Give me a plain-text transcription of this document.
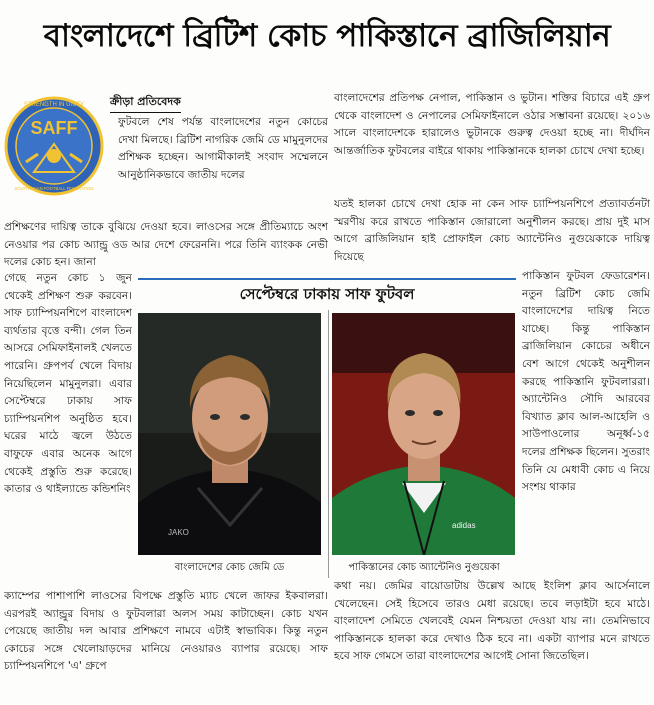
বাংলাদেশে ব্রিটিশ কোচ পাকিস্তানে ব্রাজিলিয়ান
SAFF
STRENGTH IN UNITY
SOUTH ASIAN FOOTBALL FEDERATION
ক্রীড়া প্রতিবেদক

ফুটবলে শেষ পর্যন্ত বাংলাদেশের নতুন কোচের দেখা মিলছে। ব্রিটিশ নাগরিক জেমি ডে মামুনুলদের প্রশিক্ষক হচ্ছেন। আগামীকালই সংবাদ সম্মেলনে আনুষ্ঠানিকভাবে জাতীয় দলের

প্রশিক্ষণের দায়িত্ব তাকে বুঝিয়ে দেওয়া হবে। লাওসের সঙ্গে প্রীতিম্যাচে অংশ নেওয়ার পর কোচ অ্যান্ড্রু ওড আর দেশে ফেরেননি। পরে তিনি ব্যাংকক নেভী দলের কোচ হন। জানা

গেছে নতুন কোচ ১ জুন থেকেই প্রশিক্ষণ শুরু করবেন। সাফ চ্যাম্পিয়নশিপে বাংলাদেশ ব্যর্থতার বৃত্তে বন্দী। গেল তিন আসরে সেমিফাইনালই খেলতে পারেনি। গ্রুপপর্ব খেলে বিদায় নিয়েছিলেন মামুনুলরা। এবার সেপ্টেম্বরে ঢাকায় সাফ চ্যাম্পিয়নশিপ অনুষ্ঠিত হবে। ঘরের মাঠে জ্বলে উঠতে বাফুফে এবার অনেক আগে থেকেই প্রস্তুতি শুরু করেছে। কাতার ও থাইল্যান্ডে কন্ডিশনিং

ক্যাম্পের পাশাপাশি লাওসের বিপক্ষে প্রস্তুতি ম্যাচ খেলে জাফর ইকবালরা। এরপরই অ্যান্ড্রুর বিদায় ও ফুটবলারা অলস সময় কাটাচ্ছেন। কোচ যখন পেয়েছে জাতীয় দল আবার প্রশিক্ষণে নামবে এটাই স্বাভাবিক। কিন্তু নতুন কোচের সঙ্গে খেলোয়াড়দের মানিয়ে নেওয়ারও ব্যাপার রয়েছে। সাফ চ্যাম্পিয়নশিপে 'এ' গ্রুপে

বাংলাদেশের প্রতিপক্ষ নেপাল, পাকিস্তান ও ভুটান। শক্তির বিচারে এই গ্রুপ থেকে বাংলাদেশ ও নেপালের সেমিফাইনালে ওঠার সম্ভাবনা রয়েছে। ২০১৬ সালে বাংলাদেশকে হারালেও ভুটানকে গুরুত্ব দেওয়া হচ্ছে না। দীর্ঘদিন আন্তর্জাতিক ফুটবলের বাইরে থাকায় পাকিস্তানকে হালকা চোখে দেখা হচ্ছে।

যতই হালকা চোখে দেখা হোক না কেন সাফ চ্যাম্পিয়নশিপে প্রত্যাবর্তনটা স্মরণীয় করে রাখতে পাকিস্তান জোরালো অনুশীলন করছে। প্রায় দুই মাস আগে ব্রাজিলিয়ান হাই প্রোফাইল কোচ অ্যান্টেনিও নুগুয়েকাকে দায়িত্ব দিয়েছে

পাকিস্তান ফুটবল ফেডারেশন। নতুন ব্রিটিশ কোচ জেমি বাংলাদেশের দায়িত্ব নিতে যাচ্ছে। কিন্তু পাকিস্তান ব্রাজিলিয়ান কোচের অধীনে বেশ আগে থেকেই অনুশীলন করছে পাকিস্তানি ফুটবলাররা। অ্যান্টেনিও সৌদি আরবের বিখ্যাত ক্লাব আল-আহেলি ও সাউপাওলোর অনূর্ধ্ব-১৫ দলের প্রশিক্ষক ছিলেন। সুতরাং তিনি যে মেধাবী কোচ এ নিয়ে সংশয় থাকার

কথা নয়। জেমির বায়োডাটায় উল্লেখ আছে ইংলিশ ক্লাব আর্সেনালে খেলেছেন। সেই হিসেবে তারও মেধা রয়েছে। তবে লড়াইটা হবে মাঠে। বাংলাদেশ সেমিতে খেলবেই যেমন নিশ্চয়তা দেওয়া যায় না। তেমনিভাবে পাকিস্তানকে হালকা করে দেখাও ঠিক হবে না। একটা ব্যাপার মনে রাখতে হবে সাফ গেমসে তারা বাংলাদেশের আগেই সোনা জিতেছিল।

সেপ্টেম্বরে ঢাকায় সাফ ফুটবল
JAKO
adidas
বাংলাদেশের কোচ জেমি ডে	পাকিস্তানের কোচ অ্যান্টেনিও নুগুয়েকা
